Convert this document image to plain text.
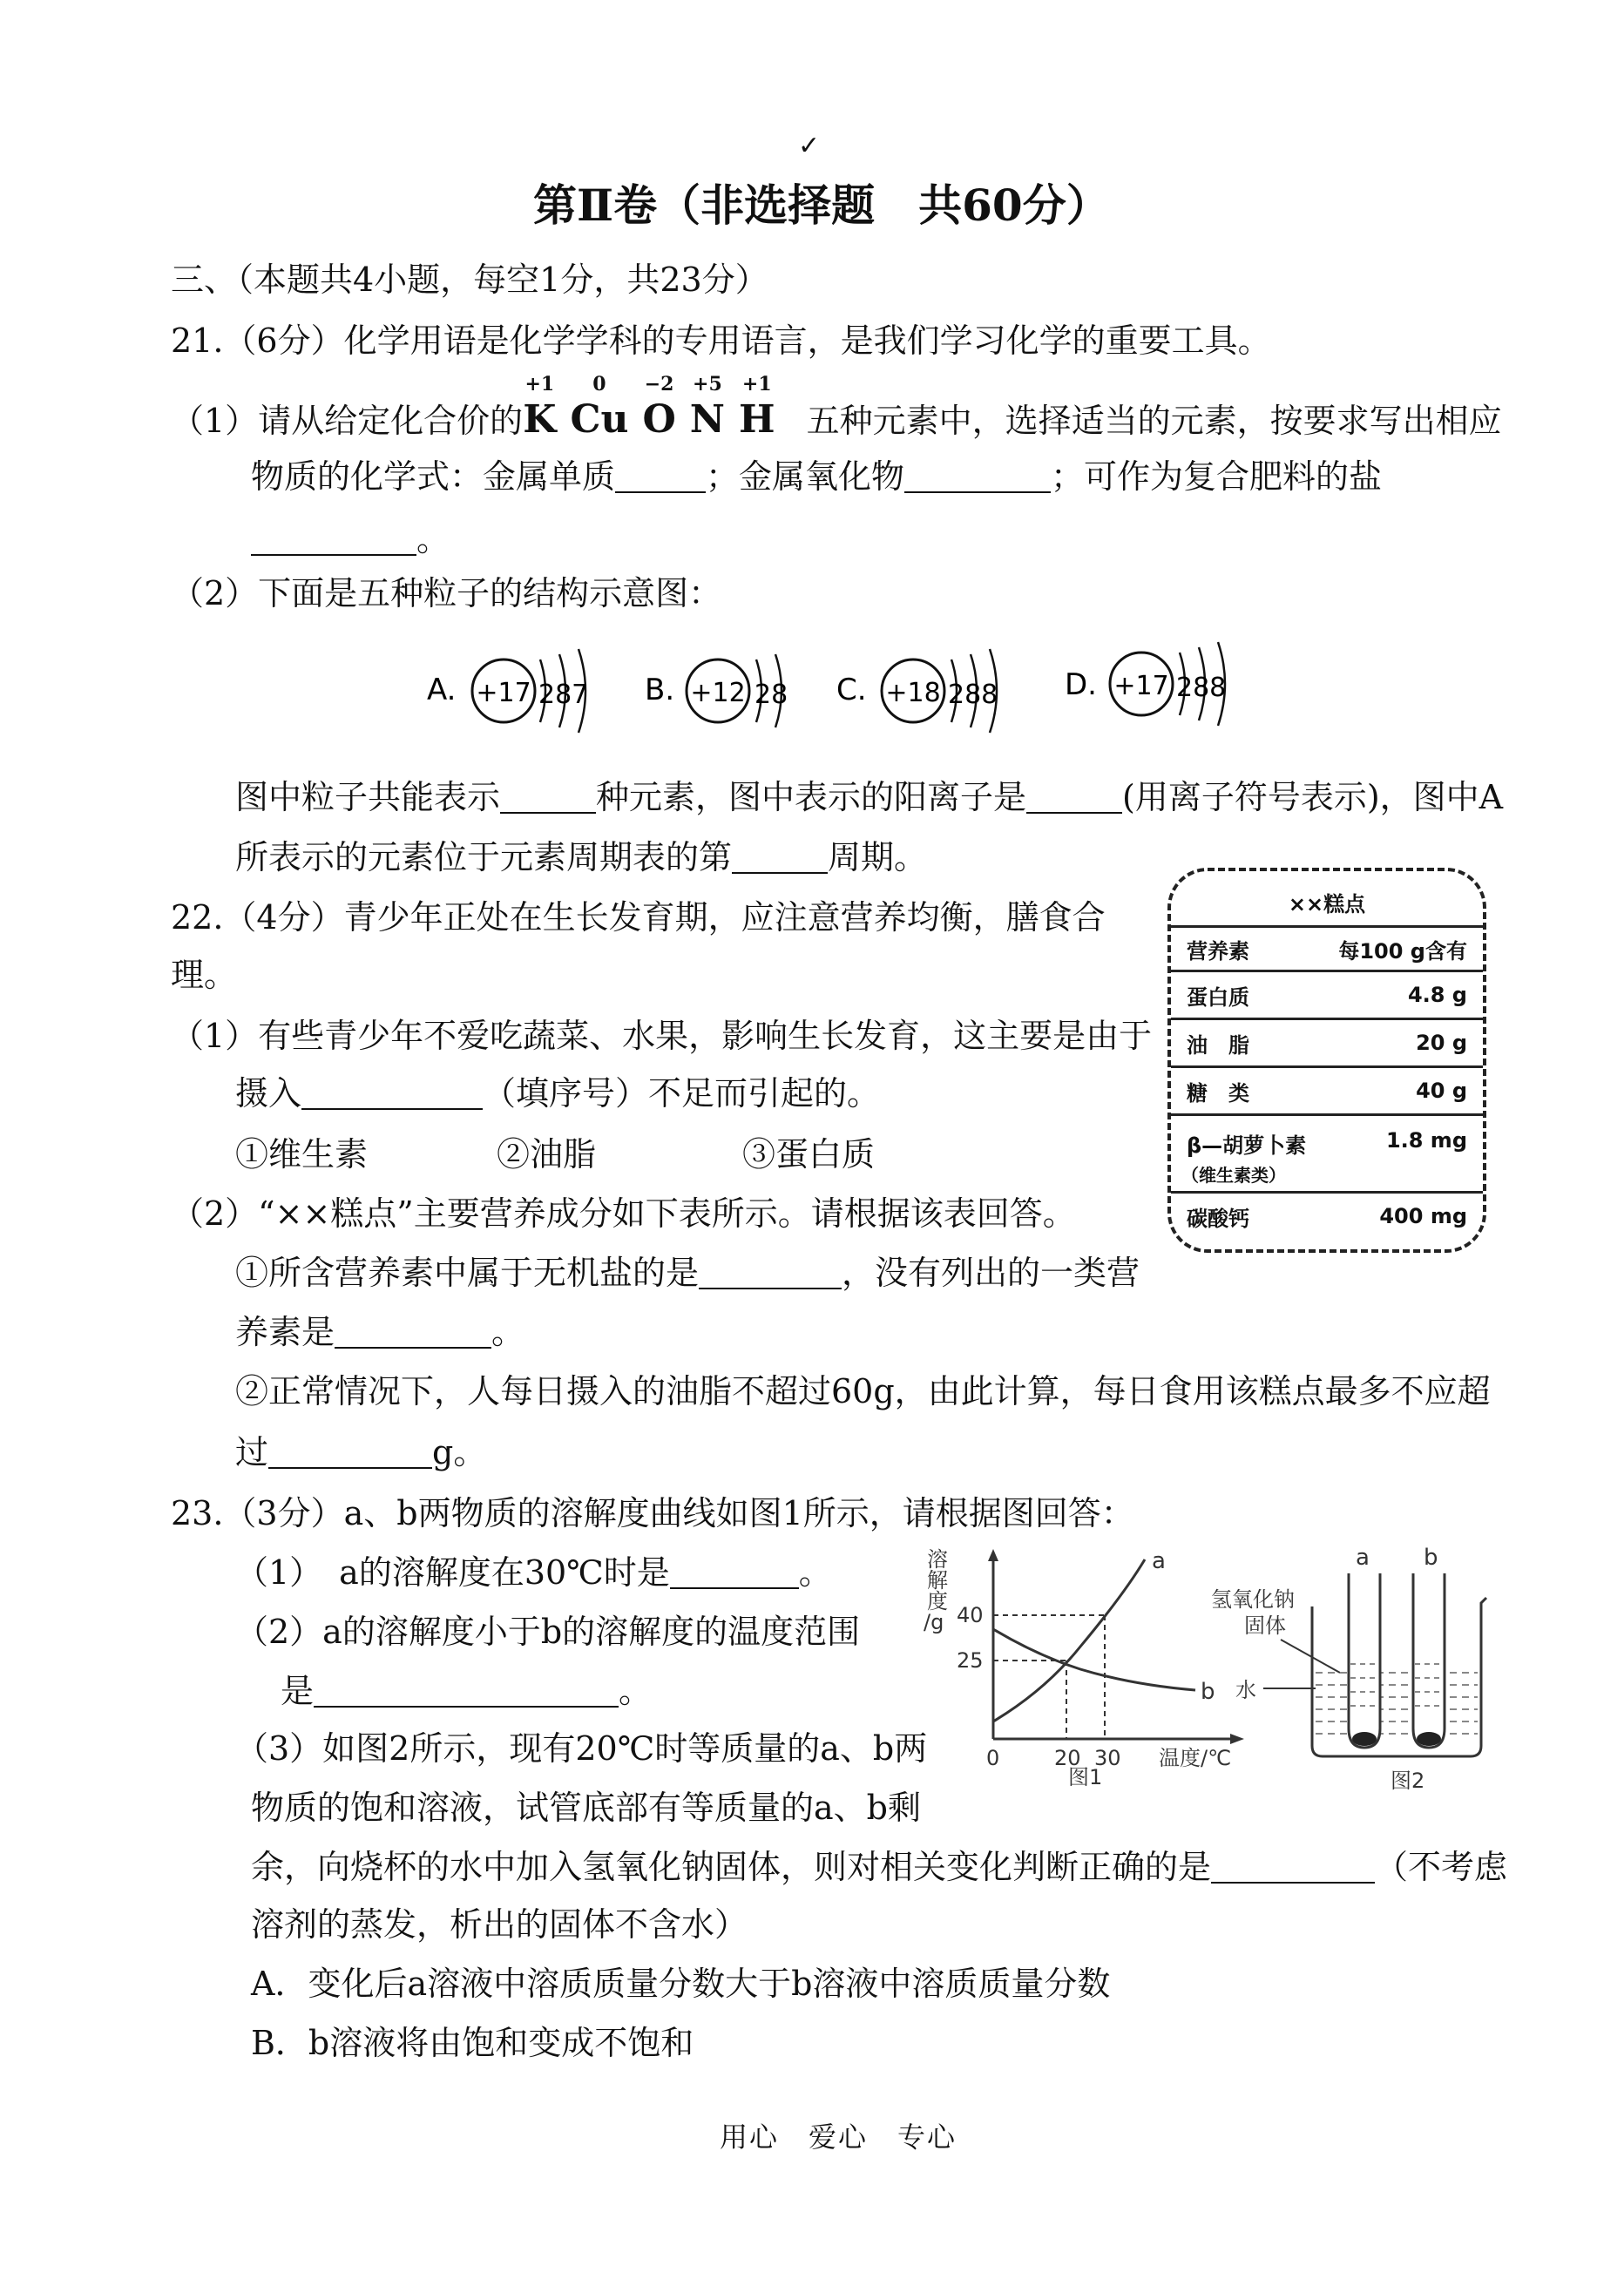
✓
第Ⅱ卷（非选择题　共60分）
三、（本题共4小题，每空1分，共23分）
21.（6分）化学用语是化学学科的专用语言，是我们学习化学的重要工具。
（1）请从给定化合价的
+1
K
0
Cu
−2
O
+5
N
+1
H 五种元素中，选择适当的元素，按要求写出相应
物质的化学式：金属单质	；金属氧化物	；可作为复合肥料的盐
。
（2）下面是五种粒子的结构示意图：
A. +17 287 B. +12 28 C. +18 288 D. +17 288
图中粒子共能表示	种元素，图中表示的阳离子是	(用离子符号表示)，图中A
所表示的元素位于元素周期表的第	周期。
22.（4分）青少年正处在生长发育期，应注意营养均衡，膳食合
理。
（1）有些青少年不爱吃蔬菜、水果，影响生长发育，这主要是由于
摄入	（填序号）不足而引起的。
①维生素	②油脂	③蛋白质
（2）“××糕点”主要营养成分如下表所示。请根据该表回答。
①所含营养素中属于无机盐的是	，没有列出的一类营
养素是	。
②正常情况下，人每日摄入的油脂不超过60g，由此计算，每日食用该糕点最多不应超
过	g。
××糕点
营养素	每100 g含有
蛋白质	4.8 g
油　脂	20 g
糖　类	40 g
β—胡萝卜素	1.8 mg
（维生素类）
碳酸钙	400 mg
23.（3分）a、b两物质的溶解度曲线如图1所示，请根据图回答：
（1）　a的溶解度在30℃时是	。
（2）a的溶解度小于b的溶解度的温度范围
是	。
（3）如图2所示，现有20℃时等质量的a、b两
物质的饱和溶液，试管底部有等质量的a、b剩
余，向烧杯的水中加入氢氧化钠固体，则对相关变化判断正确的是	（不考虑
溶剂的蒸发，析出的固体不含水）
A．变化后a溶液中溶质质量分数大于b溶液中溶质质量分数
B．b溶液将由饱和变成不饱和
溶
解
度
/g 40
25
a
b
0	20 30 温度/℃
图1
a b
氢氧化钠
固体
水
图2
用心　爱心　专心
